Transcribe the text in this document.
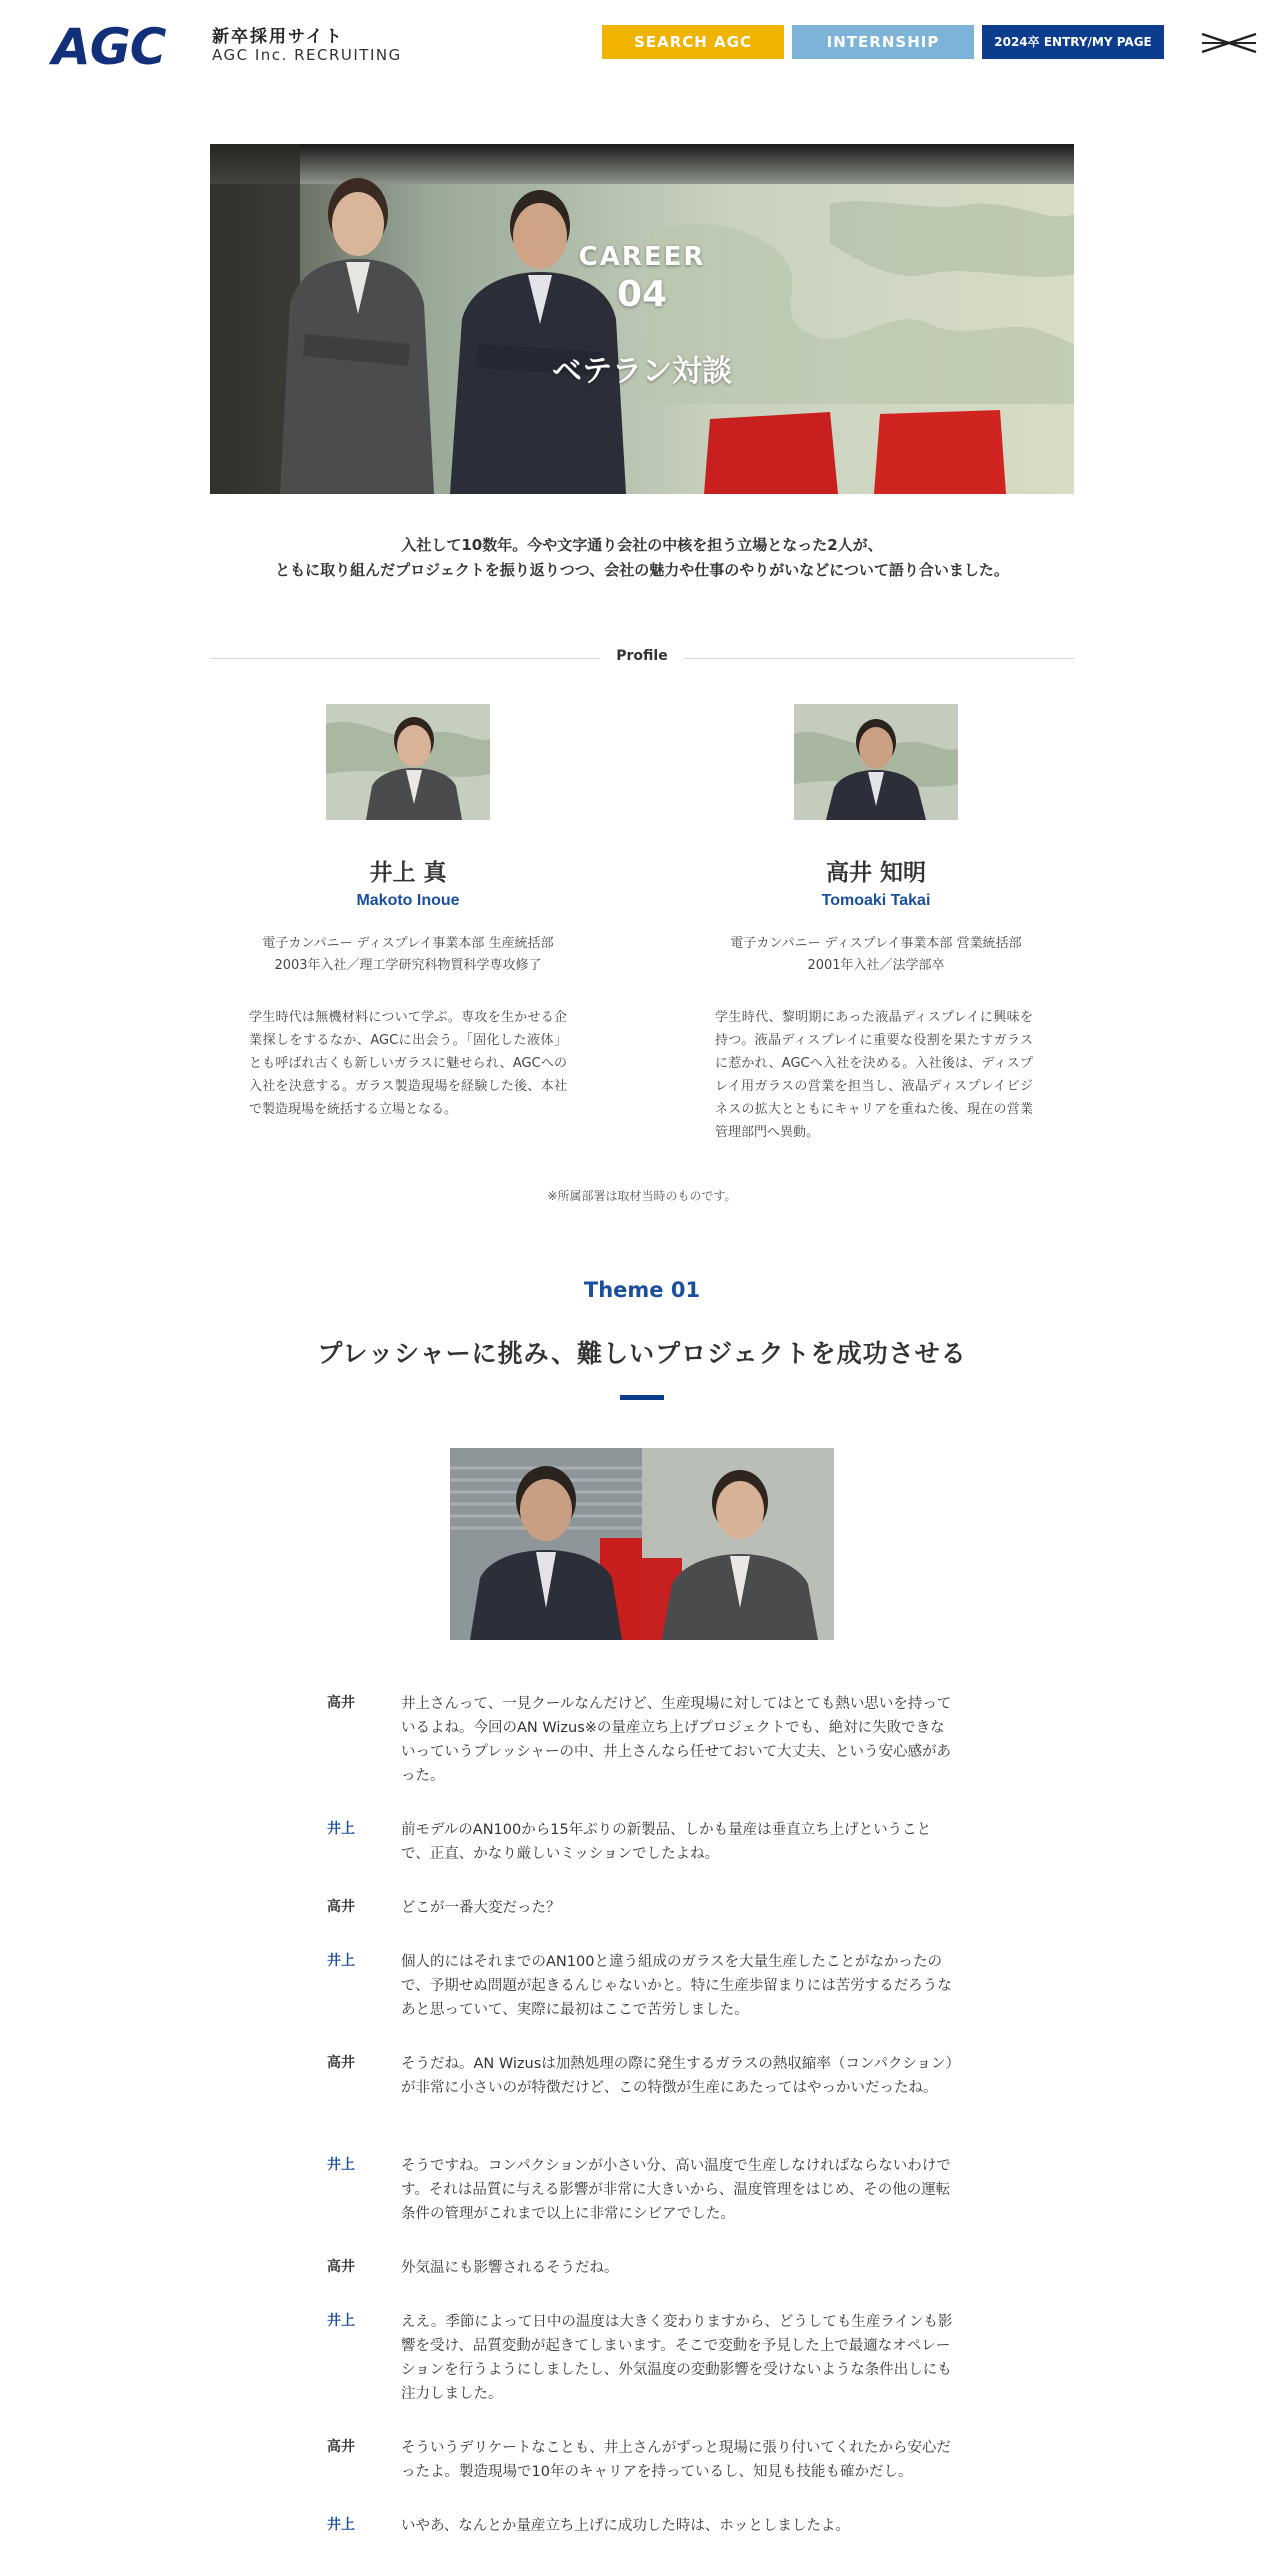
AGC	新卒採用サイト
AGC Inc. RECRUITING
SEARCH AGC	INTERNSHIP	2024卒 ENTRY/MY PAGE
CAREER
04
ベテラン対談
入社して10数年。今や文字通り会社の中核を担う立場となった2人が、
ともに取り組んだプロジェクトを振り返りつつ、会社の魅力や仕事のやりがいなどについて語り合いました。
Profile
井上 真
Makoto Inoue
電子カンパニー ディスプレイ事業本部 生産統括部
2003年入社／理工学研究科物質科学専攻修了
学生時代は無機材料について学ぶ。専攻を生かせる企業探しをするなか、AGCに出会う。「固化した液体」とも呼ばれ古くも新しいガラスに魅せられ、AGCへの入社を決意する。ガラス製造現場を経験した後、本社で製造現場を統括する立場となる。
高井 知明
Tomoaki Takai
電子カンパニー ディスプレイ事業本部 営業統括部
2001年入社／法学部卒
学生時代、黎明期にあった液晶ディスプレイに興味を持つ。液晶ディスプレイに重要な役割を果たすガラスに惹かれ、AGCへ入社を決める。入社後は、ディスプレイ用ガラスの営業を担当し、液晶ディスプレイビジネスの拡大とともにキャリアを重ねた後、現在の営業管理部門へ異動。
※所属部署は取材当時のものです。
Theme 01
プレッシャーに挑み、難しいプロジェクトを成功させる
高井	井上さんって、一見クールなんだけど、生産現場に対してはとても熱い思いを持っているよね。今回のAN Wizus※の量産立ち上げプロジェクトでも、絶対に失敗できないっていうプレッシャーの中、井上さんなら任せておいて大丈夫、という安心感があった。
井上	前モデルのAN100から15年ぶりの新製品、しかも量産は垂直立ち上げということで、正直、かなり厳しいミッションでしたよね。
高井	どこが一番大変だった？
井上	個人的にはそれまでのAN100と違う組成のガラスを大量生産したことがなかったので、予期せぬ問題が起きるんじゃないかと。特に生産歩留まりには苦労するだろうなあと思っていて、実際に最初はここで苦労しました。
高井	そうだね。AN Wizusは加熱処理の際に発生するガラスの熱収縮率（コンパクション）が非常に小さいのが特徴だけど、この特徴が生産にあたってはやっかいだったね。
井上	そうですね。コンパクションが小さい分、高い温度で生産しなければならないわけです。それは品質に与える影響が非常に大きいから、温度管理をはじめ、その他の運転条件の管理がこれまで以上に非常にシビアでした。
高井	外気温にも影響されるそうだね。
井上	ええ。季節によって日中の温度は大きく変わりますから、どうしても生産ラインも影響を受け、品質変動が起きてしまいます。そこで変動を予見した上で最適なオペレーションを行うようにしましたし、外気温度の変動影響を受けないような条件出しにも注力しました。
高井	そういうデリケートなことも、井上さんがずっと現場に張り付いてくれたから安心だったよ。製造現場で10年のキャリアを持っているし、知見も技能も確かだし。
井上	いやあ、なんとか量産立ち上げに成功した時は、ホッとしましたよ。
